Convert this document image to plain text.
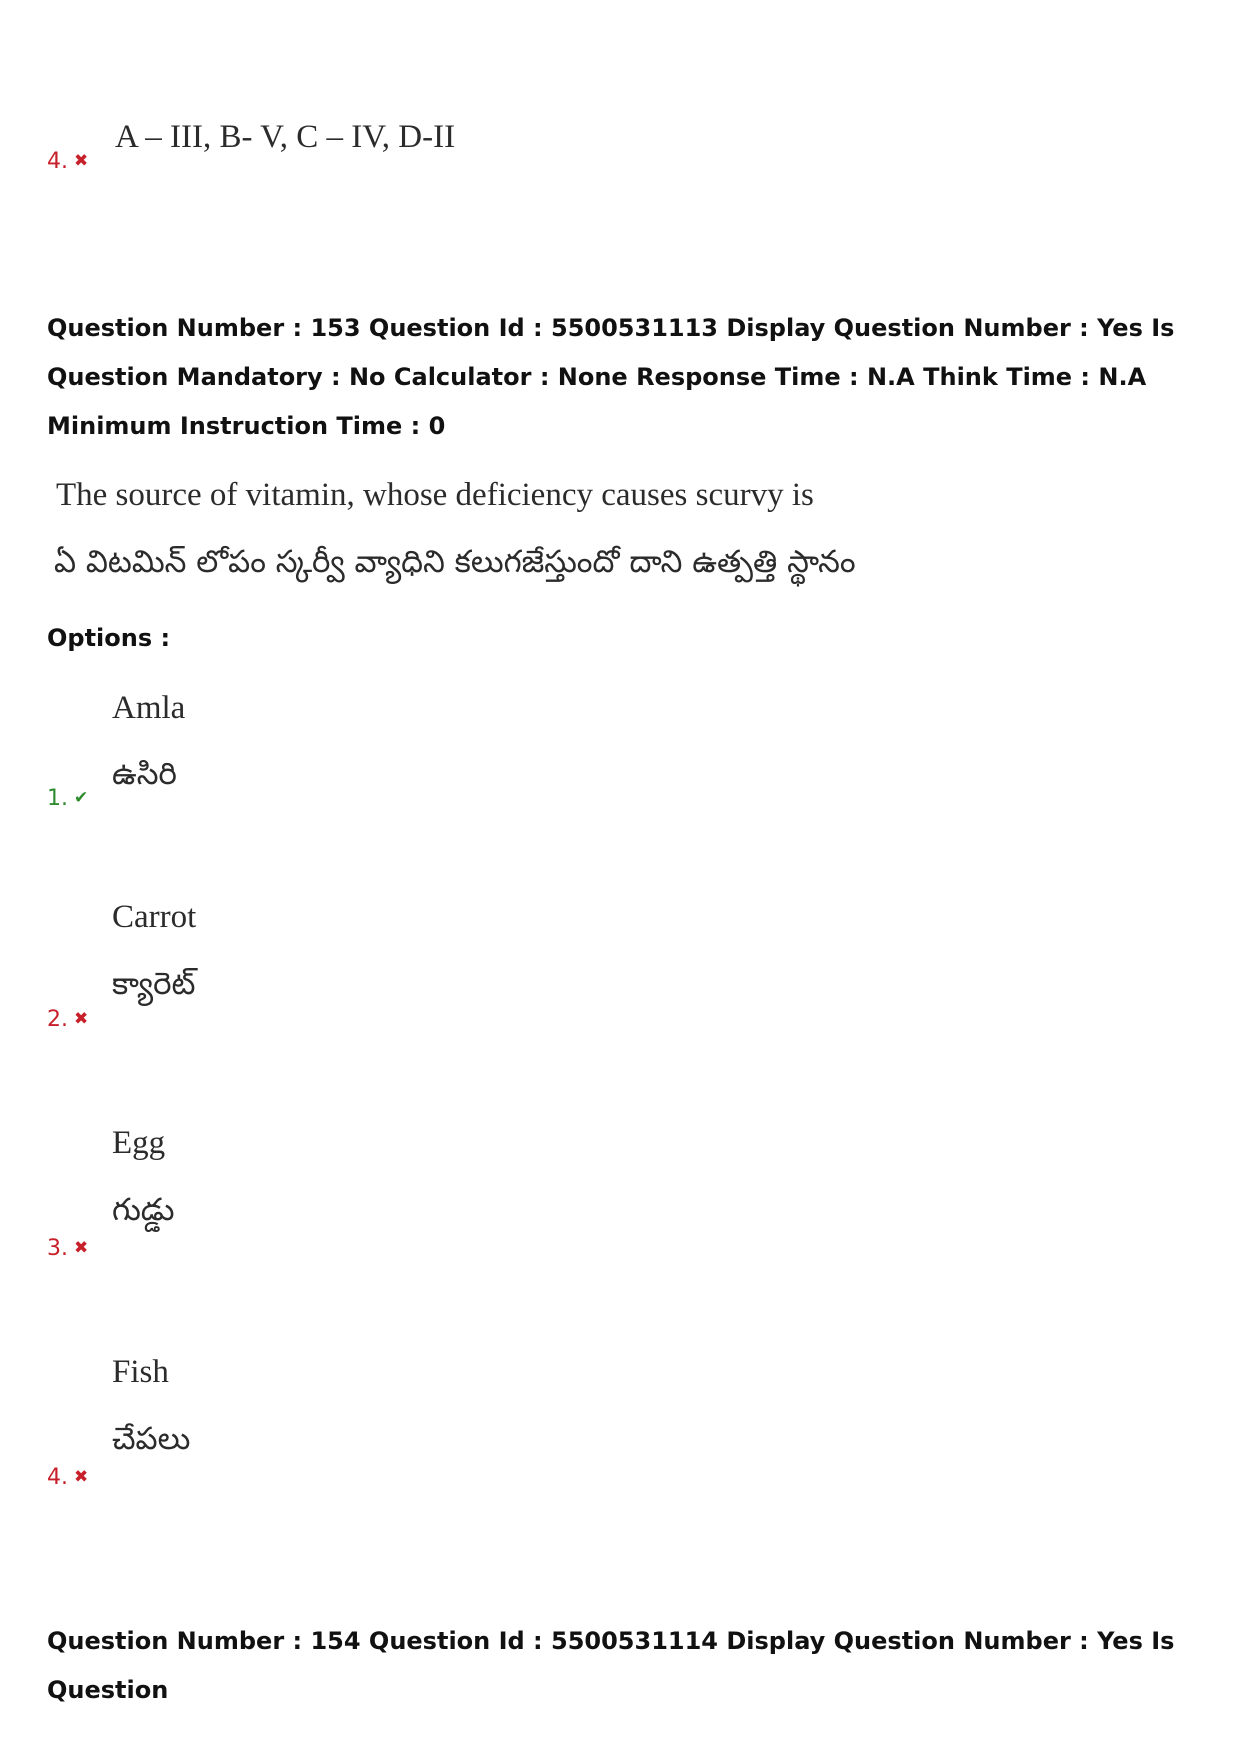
A – III, B- V, C – IV, D-II
4. ✖
Question Number : 153 Question Id : 5500531113 Display Question Number : Yes Is Question Mandatory : No Calculator : None Response Time : N.A Think Time : N.A Minimum Instruction Time : 0
The source of vitamin, whose deficiency causes scurvy is
ఏ విటమిన్ లోపం స్కర్వీ వ్యాధిని కలుగజేస్తుందో దాని ఉత్పత్తి స్థానం
Options :
Amla
ఉసిరి
1. ✔
Carrot
క్యారెట్
2. ✖
Egg
గుడ్డు
3. ✖
Fish
చేపలు
4. ✖
Question Number : 154 Question Id : 5500531114 Display Question Number : Yes Is Question
